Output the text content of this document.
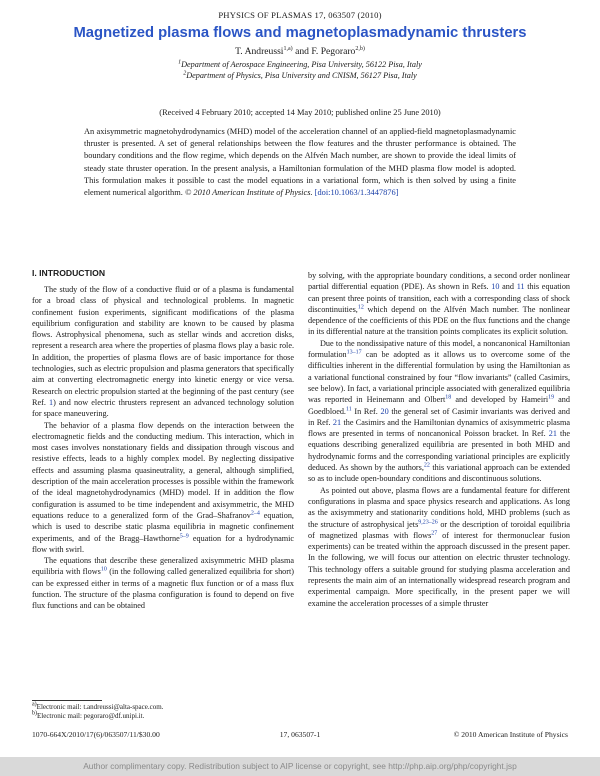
PHYSICS OF PLASMAS 17, 063507 (2010)
Magnetized plasma flows and magnetoplasmadynamic thrusters
T. Andreussi$^{1,a)}$ and F. Pegoraro$^{2,b)}$
$^1$Department of Aerospace Engineering, Pisa University, 56122 Pisa, Italy
$^2$Department of Physics, Pisa University and CNISM, 56127 Pisa, Italy
(Received 4 February 2010; accepted 14 May 2010; published online 25 June 2010)
An axisymmetric magnetohydrodynamics (MHD) model of the acceleration channel of an applied-field magnetoplasmadynamic thruster is presented. A set of general relationships between the flow features and the thruster performance is obtained. The boundary conditions and the flow regime, which depends on the Alfvén Mach number, are shown to provide the ideal limits of steady state thruster operation. In the present analysis, a Hamiltonian formulation of the MHD plasma flow model is adopted. This formulation makes it possible to cast the model equations in a variational form, which is then solved by using a finite element numerical algorithm. © 2010 American Institute of Physics. [doi:10.1063/1.3447876]
I. INTRODUCTION

The study of the flow of a conductive fluid or of a plasma is fundamental for a broad class of physical and technological problems. In magnetic confinement fusion experiments, significant modifications of the plasma equilibrium configuration and stability are known to be caused by plasma flows. Astrophysical phenomena, such as stellar winds and accretion disks, represent a research area where the properties of plasma flows play a basic role. In addition, the properties of plasma flows are of basic importance for those technologies, such as electric propulsion and plasma generators that specifically aim at converting electromagnetic energy into kinetic energy or vice versa. Research on electric propulsion started at the beginning of the past century (see Ref. 1) and now electric thrusters represent an advanced technology solution for space maneuvering.

The behavior of a plasma flow depends on the interaction between the electromagnetic fields and the conducting medium. This interaction, which in most cases involves nonstationary fields and dissipation through viscous and resistive effects, leads to a highly complex model. By neglecting dissipative effects and assuming plasma quasineutrality, a general, although simplified, description of the main acceleration processes is possible within the framework of the ideal magnetohydrodynamics (MHD) model. If in addition the flow configuration is assumed to be time independent and axisymmetric, the MHD equations reduce to a generalized form of the Grad–Shafranov$^{2-4}$ equation, which is used to describe static plasma equilibria in magnetic confinement experiments, and of the Bragg–Hawthorne$^{5-9}$ equation for a hydrodynamic flow with swirl.

The equations that describe these generalized axisymmetric MHD plasma equilibria with flows$^{10}$ (in the following called generalized equilibria for short) can be expressed either in terms of a magnetic flux function or of a mass flux function. The structure of the plasma configuration is found to depend on five flux functions and can be obtained

by solving, with the appropriate boundary conditions, a second order nonlinear partial differential equation (PDE). As shown in Refs. 10 and 11 this equation can present three points of transition, each with a corresponding class of shock discontinuities,$^{12}$ which depend on the Alfvén Mach number. The nonlinear dependence of the coefficients of this PDE on the flux functions and the change in its differential nature at the transition points complicates its explicit solution.

Due to the nondissipative nature of this model, a noncanonical Hamiltonian formulation$^{13-17}$ can be adopted as it allows us to overcome some of the difficulties inherent in the differential formulation by using the Hamiltonian as a variational functional constrained by four “flow invariants” (called Casimirs, see below). In fact, a variational principle associated with generalized equilibria was reported in Heinemann and Olbert$^{18}$ and developed by Hameiri$^{19}$ and Goedbloed.$^{11}$ In Ref. 20 the general set of Casimir invariants was derived and in Ref. 21 the Casimirs and the Hamiltonian dynamics of axisymmetric plasma flows are presented in terms of noncanonical Poisson bracket. In Ref. 21 the equations describing generalized equilibria are presented in both MHD and hydrodynamic forms and the corresponding variational principles are explicitly deduced. As shown by the authors,$^{22}$ this variational approach can be extended so as to include open-boundary conditions and discontinuous solutions.

As pointed out above, plasma flows are a fundamental feature for different configurations in plasma and space physics research and applications. As long as the axisymmetry and stationarity conditions hold, MHD problems (such as the structure of astrophysical jets$^{9,23-26}$ or the description of toroidal equilibria of magnetized plasmas with flows$^{27}$ of interest for thermonuclear fusion experiments) can be treated within the approach discussed in the present paper. In the following, we will focus our attention on electric thruster technology. This technology offers a suitable ground for studying plasma acceleration and represents the main aim of an internationally widespread research program and experimental campaign. More specifically, in the present paper we will examine the acceleration processes of a simple thruster

$^{a)}$Electronic mail: t.andreussi@alta-space.com.
$^{b)}$Electronic mail: pegoraro@df.unipi.it.
1070-664X/2010/17(6)/063507/11/$30.00	17, 063507-1	© 2010 American Institute of Physics
Author complimentary copy. Redistribution subject to AIP license or copyright, see http://php.aip.org/php/copyright.jsp
